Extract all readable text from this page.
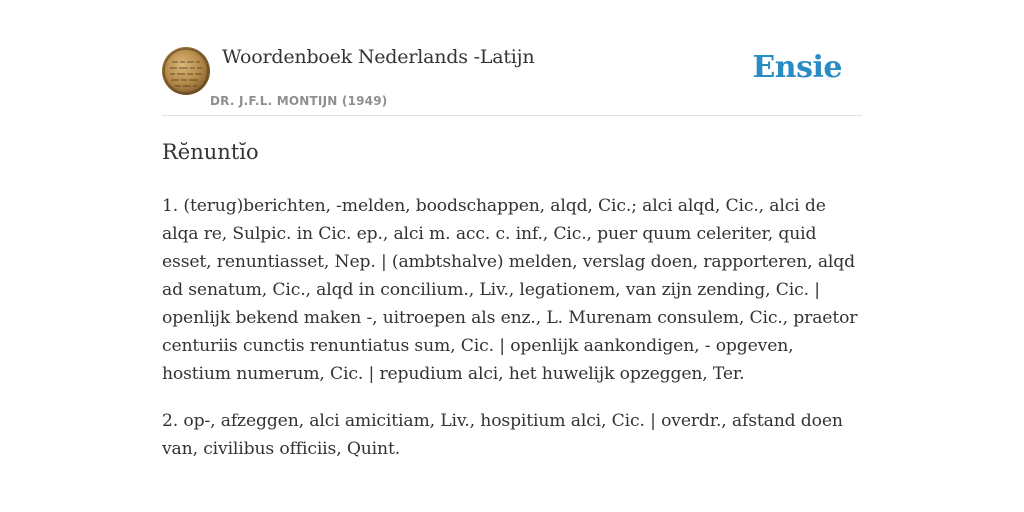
Woordenboek Nederlands -Latijn
DR. J.F.L. MONTIJN (1949)
Ensie
Rĕnuntĭo

1. (terug)berichten, -melden, boodschappen, alqd, Cic.; alci alqd, Cic., alci de alqa re, Sulpic. in Cic. ep., alci m. acc. c. inf., Cic., puer quum celeriter, quid esset, renuntiasset, Nep. | (ambtshalve) melden, verslag doen, rapporteren, alqd ad senatum, Cic., alqd in concilium., Liv., legationem, van zijn zending, Cic. | openlijk bekend maken -, uitroepen als enz., L. Murenam consulem, Cic., praetor centuriis cunctis renuntiatus sum, Cic. | openlijk aankondigen, - opgeven, hostium numerum, Cic. | repudium alci, het huwelijk opzeggen, Ter.

2. op-, afzeggen, alci amicitiam, Liv., hospitium alci, Cic. | overdr., afstand doen van, civilibus officiis, Quint.
